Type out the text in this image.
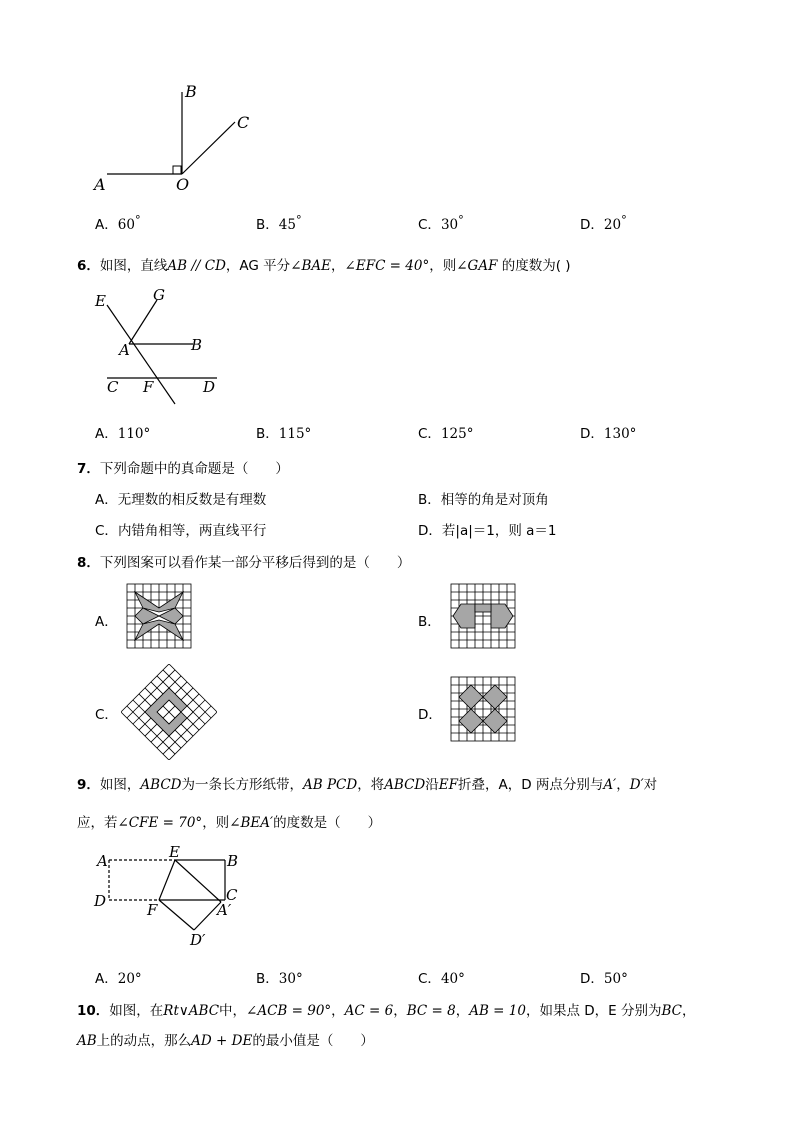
B
C
A	O
A．60°	B．45°	C．30°	D．20°
6．如图，直线AB // CD，AG 平分∠BAE，∠EFC = 40°，则∠GAF 的度数为( )
E	G
A	B
C F	D
A．110°	B．115°	C．125°	D．130°
7．下列命题中的真命题是（　　）
A．无理数的相反数是有理数	B．相等的角是对顶角
C．内错角相等，两直线平行	D．若|a|＝1，则 a＝1
8．下列图案可以看作某一部分平移后得到的是（　　）
A．	B．
C．	D．
9．如图，ABCD为一条长方形纸带，AB PCD，将ABCD沿EF折叠，A，D 两点分别与A′，D′对
应，若∠CFE = 70°，则∠BEA′的度数是（　　）
A	E	B
D	C
F	A′
D′
A．20°	B．30°	C．40°	D．50°
10．如图，在Rt∨ABC中，∠ACB = 90°，AC = 6，BC = 8，AB = 10，如果点 D，E 分别为BC，
AB上的动点，那么AD + DE的最小值是（　　）
